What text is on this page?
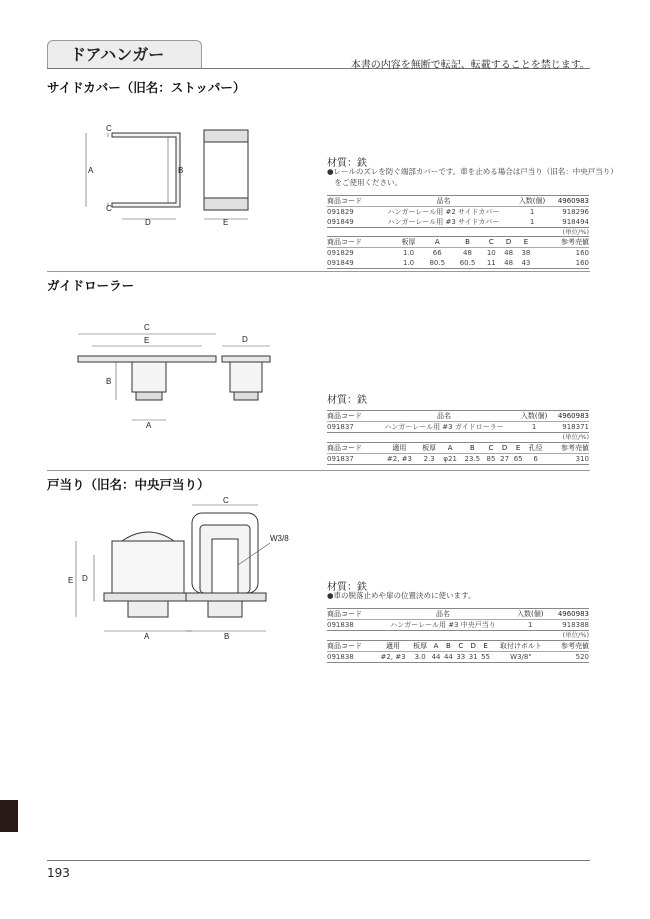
ドアハンガー
本書の内容を無断で転記、転載することを禁じます。
サイドカバー（旧名：ストッパー）
C
A	B
C
D	E
材質：鉄
●レールのズレを防ぐ端部カバーです。車を止める場合は戸当り（旧名：中央戸当り）
　をご使用ください。
商品コード	品名	入数(個)	4960983
091829	ハンガーレール用 #2 サイドカバー	1	918296
091849	ハンガーレール用 #3 サイドカバー	1	918494
(単位/%)
商品コード	板厚	A	B	C	D	E	参考売値
091829	1.0	66	48	10	48	38	160
091849	1.0	80.5	60.5	11	48	43	160
ガイドローラー
C
E	D
B
A
材質：鉄
商品コード	品名	入数(個)	4960983
091837	ハンガーレール用 #3 ガイドローラー	1	918371
(単位/%)
商品コード	適用	板厚	A	B	C	D	E	孔径	参考売値
091837	#2, #3	2.3	φ21	23.5	85	27	65	6	310
戸当り（旧名：中央戸当り）
C
W3/8
D
E
A	B
材質：鉄
●車の脱落止めや扉の位置決めに使います。
商品コード	品名	入数(個)	4960983
091838	ハンガーレール用 #3 中央戸当り	1	918388
(単位/%)
商品コード	適用	板厚	A	B	C	D	E	取付けボルト	参考売値
091838	#2, #3	3.0	44	44	33	31	55	W3/8"	520
193
